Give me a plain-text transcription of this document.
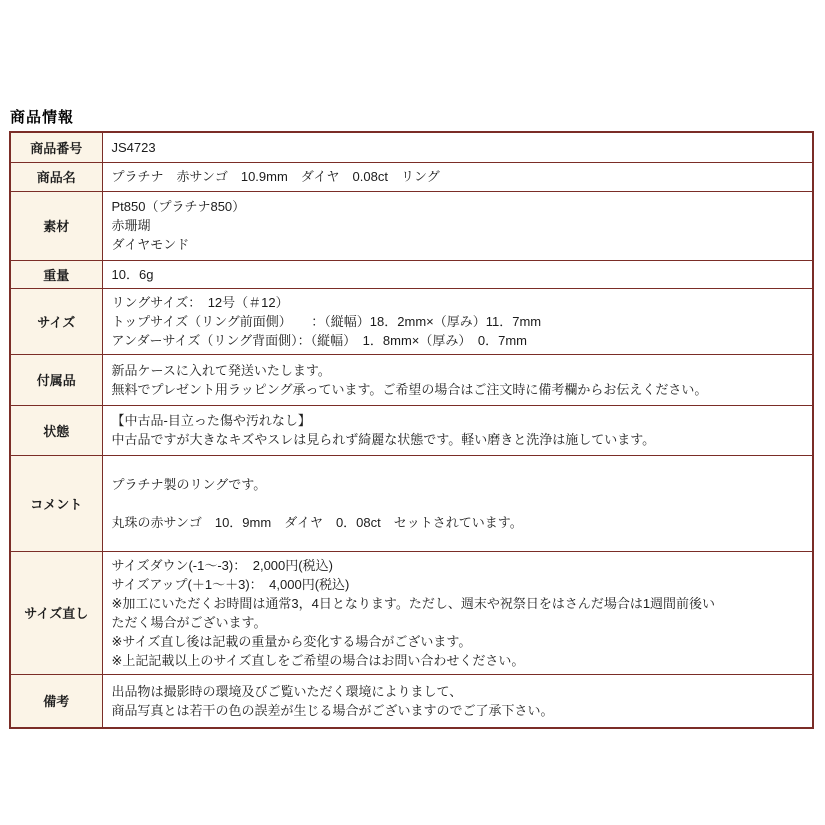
商品情報
商品番号	JS4723

商品名	プラチナ　赤サンゴ　10.9mm　ダイヤ　0.08ct　リング

素材	Pt850（プラチナ850）
赤珊瑚
ダイヤモンド

重量	10．6g

サイズ	リングサイズ：　12号（＃12）
トップサイズ（リング前面側）　　：（縦幅）18．2mm×（厚み）11．7mm
アンダーサイズ（リング背面側）：（縦幅）　1．8mm×（厚み）　0．7mm

付属品	新品ケースに入れて発送いたします。
無料でプレゼント用ラッピング承っています。ご希望の場合はご注文時に備考欄からお伝えください。

状態	【中古品-目立った傷や汚れなし】
中古品ですが大きなキズやスレは見られず綺麗な状態です。軽い磨きと洗浄は施しています。

コメント	プラチナ製のリングです。
丸珠の赤サンゴ　10．9mm　ダイヤ　0．08ct　セットされています。

サイズ直し	
サイズダウン(-1～-3)：　2,000円(税込)
サイズアップ(＋1～＋3)：　4,000円(税込)
※加工にいただくお時間は通常3，4日となります。ただし、週末や祝祭日をはさんだ場合は1週間前後い
ただく場合がございます。
※サイズ直し後は記載の重量から変化する場合がございます。
※上記記載以上のサイズ直しをご希望の場合はお問い合わせください。

備考	出品物は撮影時の環境及びご覧いただく環境によりまして、
商品写真とは若干の色の誤差が生じる場合がございますのでご了承下さい。
